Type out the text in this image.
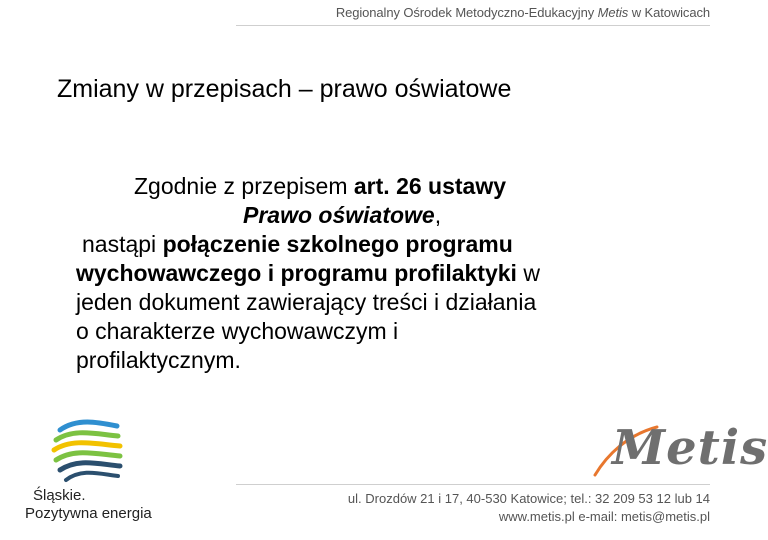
Regionalny Ośrodek Metodyczno-Edukacyjny Metis w Katowicach
Zmiany w przepisach – prawo oświatowe
Zgodnie z przepisem art. 26 ustawy
Prawo oświatowe,
nastąpi połączenie szkolnego programu
wychowawczego i programu profilaktyki w
jeden dokument zawierający treści i działania
o charakterze wychowawczym i
profilaktycznym.
Śląskie.
Pozytywna energia
Metis
ul. Drozdów 21 i 17, 40-530 Katowice; tel.: 32 209 53 12 lub 14
www.metis.pl e-mail: metis@metis.pl
